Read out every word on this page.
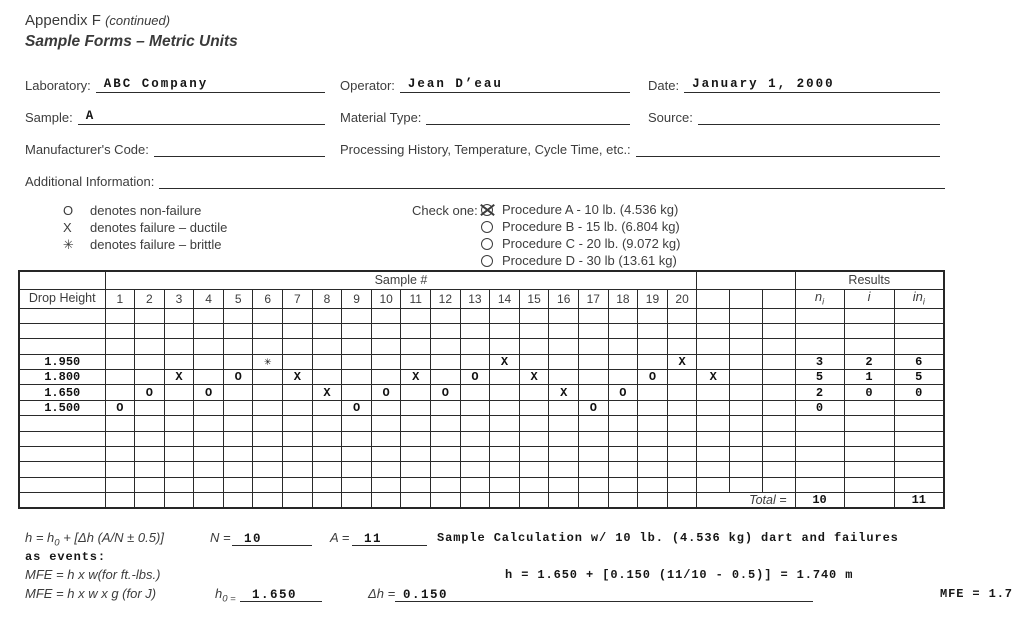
Appendix F (continued)
Sample Forms – Metric Units
Laboratory:	ABC Company	Operator:	Jean D’eau	Date:	January 1, 2000
Sample:	A	Material Type:	Source:
Manufacturer's Code:	Processing History, Temperature, Cycle Time, etc.:
Additional Information:
O	denotes non-failure
X	denotes failure – ductile
✳	denotes failure – brittle
Check one: Procedure A - 10 lb. (4.536 kg)
Procedure B - 15 lb. (6.804 kg)
Procedure C - 20 lb. (9.072 kg)
Procedure D - 30 lb (13.61 kg)
	Sample #																							Results		
Drop Height	1	2	3	4	5	6	7	8	9	10	11	12	13	14	15	16	17	18	19	20				$n_i$	i	$in_i$

1.950						✳								X						X				3	2	6
1.800			X		O		X				X		O		X				O		X			5	1	5
1.650		O		O				X		O		O				X		O						2	0	0
1.500	O								O								O							0		

																					Total =			10		11
$h = h_0 + [\Delta h$ (A/N ± 0.5)]	N =	10	A =	11	Sample Calculation w/ 10 lb. (4.536 kg) dart and failures
as events:
MFE = h x w(for ft.-lbs.)	h = 1.650 + [0.150 (11/10 - 0.5)] = 1.740 m
MFE = h x w x g (for J)	$h_{0 =}$	1.650	Δh = 0.150	MFE = 1.7
